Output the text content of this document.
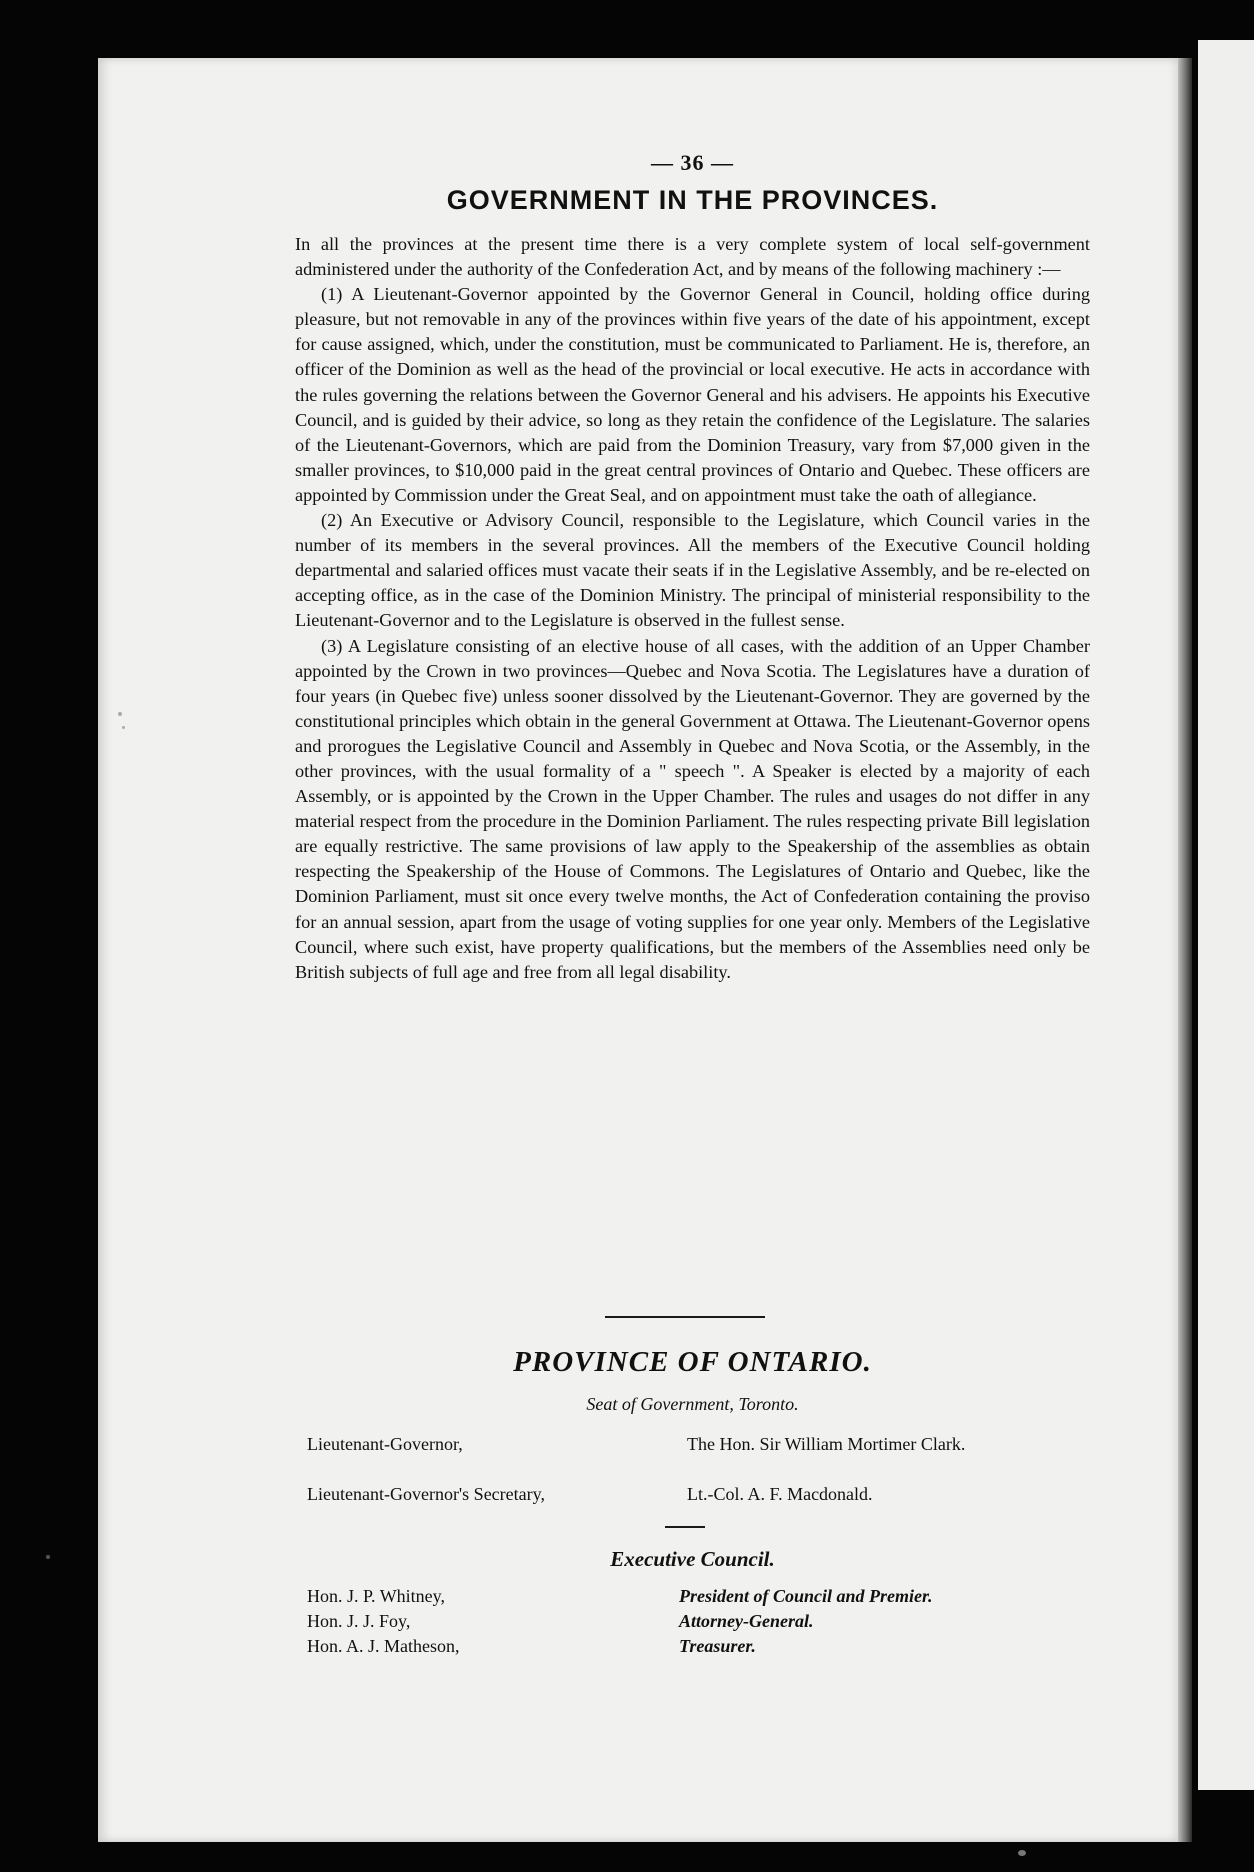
— 36 —
GOVERNMENT IN THE PROVINCES.

In all the provinces at the present time there is a very complete system of local self-government administered under the authority of the Confederation Act, and by means of the following machinery :—

(1) A Lieutenant-Governor appointed by the Governor General in Council, holding office during pleasure, but not removable in any of the provinces within five years of the date of his appointment, except for cause assigned, which, under the constitution, must be communicated to Parliament. He is, therefore, an officer of the Dominion as well as the head of the provincial or local executive. He acts in accordance with the rules governing the relations between the Governor General and his advisers. He appoints his Executive Council, and is guided by their advice, so long as they retain the confidence of the Legislature. The salaries of the Lieutenant-Governors, which are paid from the Dominion Treasury, vary from $7,000 given in the smaller provinces, to $10,000 paid in the great central provinces of Ontario and Quebec. These officers are appointed by Commission under the Great Seal, and on appointment must take the oath of allegiance.

(2) An Executive or Advisory Council, responsible to the Legislature, which Council varies in the number of its members in the several provinces. All the members of the Executive Council holding departmental and salaried offices must vacate their seats if in the Legislative Assembly, and be re-elected on accepting office, as in the case of the Dominion Ministry. The principal of ministerial responsibility to the Lieutenant-Governor and to the Legislature is observed in the fullest sense.

(3) A Legislature consisting of an elective house of all cases, with the addition of an Upper Chamber appointed by the Crown in two provinces—Quebec and Nova Scotia. The Legislatures have a duration of four years (in Quebec five) unless sooner dissolved by the Lieutenant-Governor. They are governed by the constitutional principles which obtain in the general Government at Ottawa. The Lieutenant-Governor opens and prorogues the Legislative Council and Assembly in Quebec and Nova Scotia, or the Assembly, in the other provinces, with the usual formality of a " speech ". A Speaker is elected by a majority of each Assembly, or is appointed by the Crown in the Upper Chamber. The rules and usages do not differ in any material respect from the procedure in the Dominion Parliament. The rules respecting private Bill legislation are equally restrictive. The same provisions of law apply to the Speakership of the assemblies as obtain respecting the Speakership of the House of Commons. The Legislatures of Ontario and Quebec, like the Dominion Parliament, must sit once every twelve months, the Act of Confederation containing the proviso for an annual session, apart from the usage of voting supplies for one year only. Members of the Legislative Council, where such exist, have property qualifications, but the members of the Assemblies need only be British subjects of full age and free from all legal disability.

PROVINCE OF ONTARIO.
Seat of Government, Toronto.
Lieutenant-Governor,	The Hon. Sir William Mortimer Clark.
Lieutenant-Governor's Secretary,	Lt.-Col. A. F. Macdonald.
Executive Council.
Hon. J. P. Whitney,	President of Council and Premier.
Hon. J. J. Foy,	Attorney-General.
Hon. A. J. Matheson,	Treasurer.
